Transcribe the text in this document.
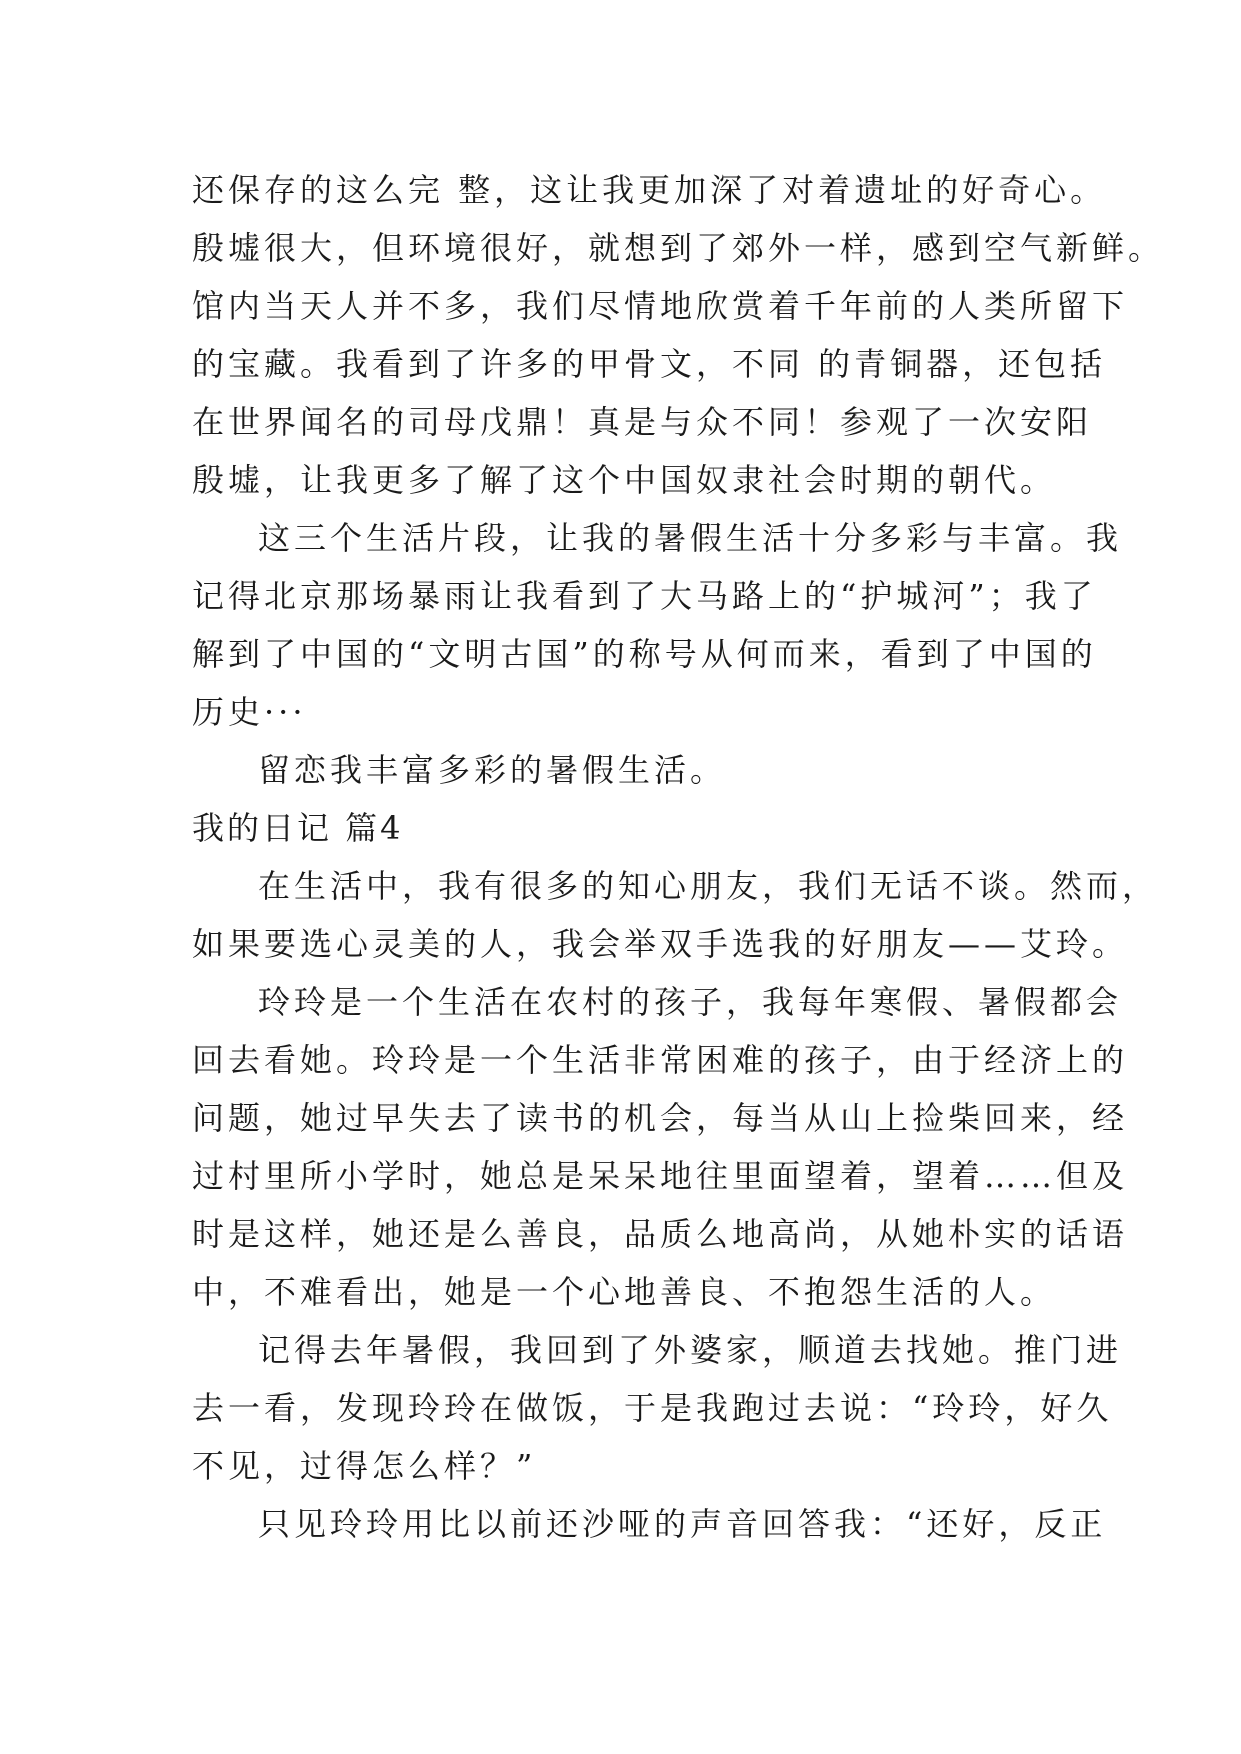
还保存的这么完 整，这让我更加深了对着遗址的好奇心。
殷墟很大，但环境很好，就想到了郊外一样，感到空气新鲜。
馆内当天人并不多，我们尽情地欣赏着千年前的人类所留下
的宝藏。我看到了许多的甲骨文，不同 的青铜器，还包括
在世界闻名的司母戊鼎！真是与众不同！参观了一次安阳
殷墟，让我更多了解了这个中国奴隶社会时期的朝代。
这三个生活片段，让我的暑假生活十分多彩与丰富。我
记得北京那场暴雨让我看到了大马路上的“护城河”；我了
解到了中国的“文明古国”的称号从何而来，看到了中国的
历史···
留恋我丰富多彩的暑假生活。
我的日记 篇4
在生活中，我有很多的知心朋友，我们无话不谈。然而，
如果要选心灵美的人，我会举双手选我的好朋友——艾玲。
玲玲是一个生活在农村的孩子，我每年寒假、暑假都会
回去看她。玲玲是一个生活非常困难的孩子，由于经济上的
问题，她过早失去了读书的机会，每当从山上捡柴回来，经
过村里所小学时，她总是呆呆地往里面望着，望着……但及
时是这样，她还是么善良，品质么地高尚，从她朴实的话语
中，不难看出，她是一个心地善良、不抱怨生活的人。
记得去年暑假，我回到了外婆家，顺道去找她。推门进
去一看，发现玲玲在做饭，于是我跑过去说：“玲玲，好久
不见，过得怎么样？”
只见玲玲用比以前还沙哑的声音回答我：“还好，反正
